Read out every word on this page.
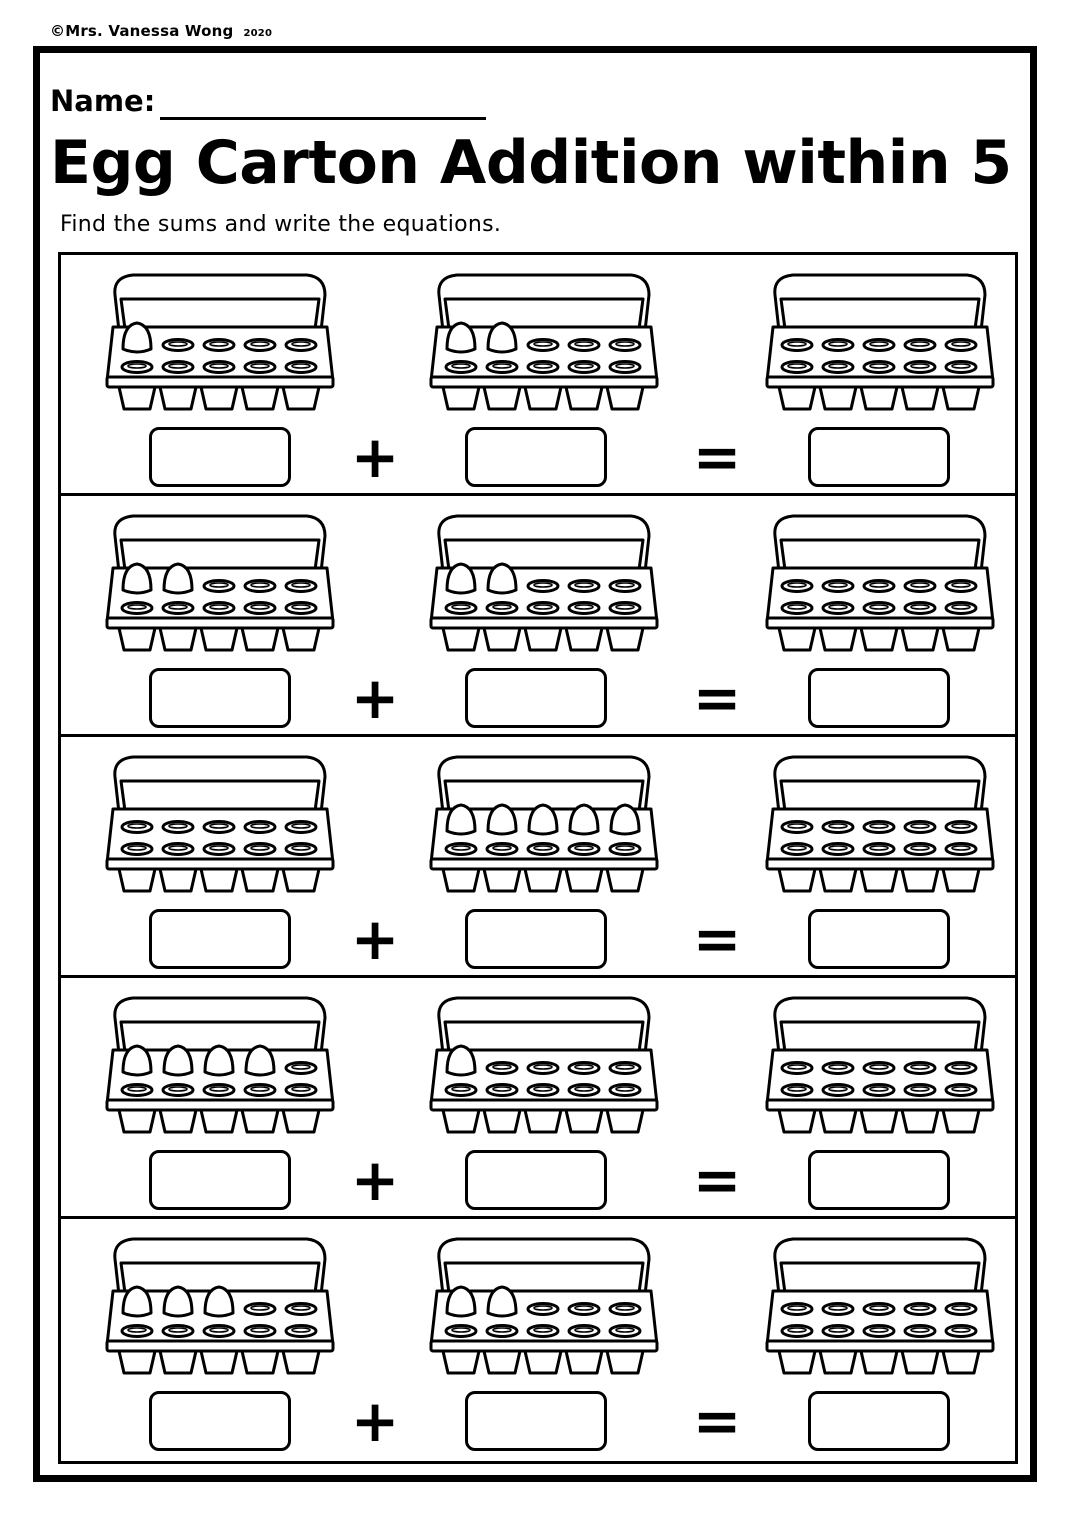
©Mrs. Vanessa Wong 2020
Name:
Egg Carton Addition within 5
Find the sums and write the equations.
+	=
+	=
+	=
+	=
+	=
